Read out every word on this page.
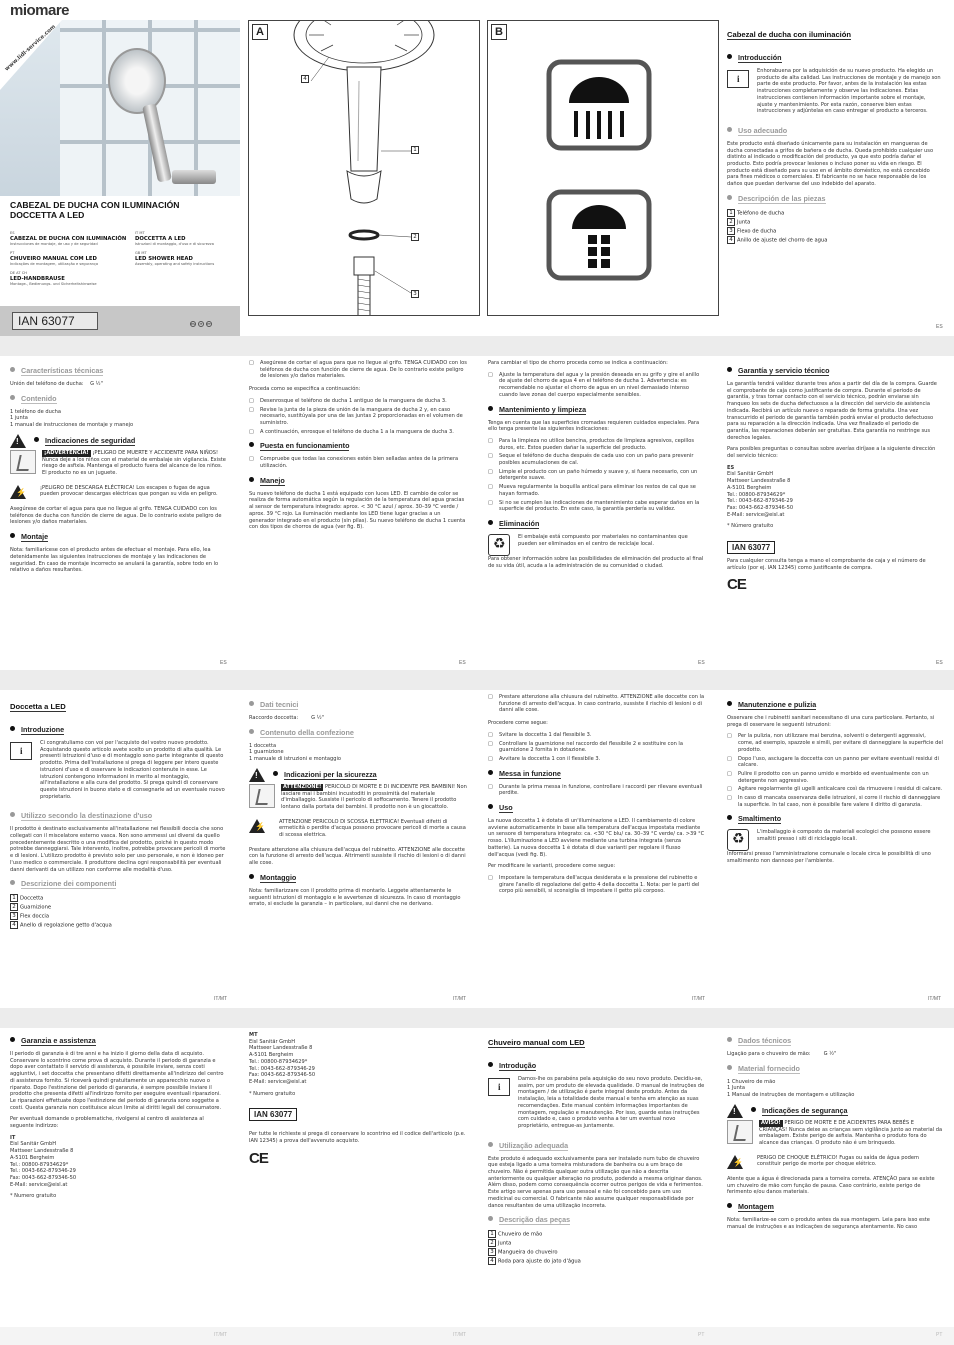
miomare
www.lidl-service.com
CABEZAL DE DUCHA CON ILUMINACIÓN
DOCCETTA A LED
ES
CABEZAL DE DUCHA CON ILUMINACIÓN
Instrucciones de montaje, de uso y de seguridad
IT MT
DOCCETTA A LED
Istruzioni di montaggio, d'uso e di sicurezza
PT
CHUVEIRO MANUAL COM LED
Indicações de montagem, utilização e segurança
GB MT
LED SHOWER HEAD
Assembly, operating and safety instructions
DE AT CH
LED-HANDBRAUSE
Montage-, Bedienungs- und Sicherheitshinweise
IAN 63077	ES IT PT
A
4
1
2
3
B	Cabezal de ducha con iluminación
Introducción
i
Enhorabuena por la adquisición de su nuevo producto. Ha elegido un producto de alta calidad. Las instrucciones de montaje y de manejo son parte de este producto. Por favor, antes de la instalación lea estas instrucciones completamente y observe las indicaciones. Estas instrucciones contienen información importante sobre el montaje, ajuste y mantenimiento. Por esta razón, conserve bien estas instrucciones y adjúntelas en caso entregar el producto a terceros.
Uso adecuado
Este producto está diseñado únicamente para su instalación en mangueras de ducha conectadas a grifos de bañera o de ducha. Queda prohibido cualquier uso distinto al indicado o modificación del producto, ya que esto podría dañar el producto. Esto podría provocar lesiones o incluso poner su vida en riesgo. El producto está diseñado para su uso en el ámbito doméstico, no está concebido para fines médicos o comerciales. El fabricante no se hace responsable de los daños que puedan derivarse del uso indebido del aparato.
Descripción de las piezas
1 Teléfono de ducha
2 Junta
3 Flexo de ducha
4 Anillo de ajuste del chorro de agua
ES
Características técnicas
Unión del teléfono de ducha: G ½"
Contenido
1 teléfono de ducha
1 junta
1 manual de instrucciones de montaje y manejo
!	Indicaciones de seguridad
¡ADVERTENCIA! ¡PELIGRO DE MUERTE Y ACCIDENTE PARA NIÑOS! Nunca deje a los niños con el material de embalaje sin vigilancia. Existe riesgo de asfixia. Mantenga el producto fuera del alcance de los niños. El producto no es un juguete.
⚡	¡PELIGRO DE DESCARGA ELÉCTRICA! Los escapes o fugas de agua pueden provocar descargas eléctricas que pongan su vida en peligro.
Asegúrese de cortar el agua para que no llegue al grifo. TENGA CUIDADO con los teléfonos de ducha con función de cierre de agua. De lo contrario existe peligro de lesiones y/o daños materiales.
Montaje
Nota: familiarícese con el producto antes de efectuar el montaje. Para ello, lea detenidamente las siguientes instrucciones de montaje y las indicaciones de seguridad. En caso de montaje incorrecto se anulará la garantía, sobre todo en lo relativo a daños resultantes.
ES
□ Asegúrese de cortar el agua para que no llegue al grifo. TENGA CUIDADO con los teléfonos de ducha con función de cierre de agua. De lo contrario existe peligro de lesiones y/o daños materiales.
Proceda como se especifica a continuación:
□ Desenrosque el teléfono de ducha 1 antiguo de la manguera de ducha 3.
□ Revise la junta de la pieza de unión de la manguera de ducha 2 y, en caso necesario, sustitúyala por una de las juntas 2 proporcionadas en el volumen de suministro.
□ A continuación, enrosque el teléfono de ducha 1 a la manguera de ducha 3.
Puesta en funcionamiento
□ Compruebe que todas las conexiones estén bien selladas antes de la primera utilización.
Manejo
Su nuevo teléfono de ducha 1 está equipado con luces LED. El cambio de color se realiza de forma automática según la regulación de la temperatura del agua gracias al sensor de temperatura integrado: aprox. < 30 °C azul / aprox. 30–39 °C verde / aprox. 39 °C rojo. La iluminación mediante los LED tiene lugar gracias a un generador integrado en el producto (sin pilas). Su nuevo teléfono de ducha 1 cuenta con dos tipos de chorros de agua (ver fig. B).
ES
Para cambiar el tipo de chorro proceda como se indica a continuación:
□ Ajuste la temperatura del agua y la presión deseada en su grifo y gire el anillo de ajuste del chorro de agua 4 en el teléfono de ducha 1. Advertencia: es recomendable no ajustar el chorro de agua en un nivel demasiado intenso cuando lave zonas del cuerpo especialmente sensibles.
Mantenimiento y limpieza
Tenga en cuenta que las superficies cromadas requieren cuidados especiales. Para ello tenga presente las siguientes indicaciones:
□ Para la limpieza no utilice bencina, productos de limpieza agresivos, cepillos duros, etc. Estos pueden dañar la superficie del producto.
□ Seque el teléfono de ducha después de cada uso con un paño para prevenir posibles acumulaciones de cal.
□ Limpie el producto con un paño húmedo y suave y, si fuera necesario, con un detergente suave.
□ Mueva regularmente la boquilla antical para eliminar los restos de cal que se hayan formado.
□ Si no se cumplen las indicaciones de mantenimiento cabe esperar daños en la superficie del producto. En este caso, la garantía perdería su validez.
Eliminación
♻
El embalaje está compuesto por materiales no contaminantes que pueden ser eliminados en el centro de reciclaje local.
Para obtener información sobre las posibilidades de eliminación del producto al final de su vida útil, acuda a la administración de su comunidad o ciudad.
ES
Garantía y servicio técnico
La garantía tendrá validez durante tres años a partir del día de la compra. Guarde el comprobante de caja como justificante de compra. Durante el periodo de garantía, y tras tomar contacto con el servicio técnico, podrán enviarse sin franqueo los sets de ducha defectuosos a la dirección del servicio de asistencia indicada. Recibirá un artículo nuevo o reparado de forma gratuita. Una vez transcurrido el periodo de garantía también podrá enviar el producto defectuoso para su reparación a la dirección indicada. Una vez finalizado el periodo de garantía, las reparaciones deberán ser gratuitas. Esta garantía no restringe sus derechos legales.
Para posibles preguntas o consultas sobre averías diríjase a la siguiente dirección del servicio técnico:
ES
Eisl Sanitär GmbH
Mattseer Landesstraße 8
A-5101 Bergheim
Tel.: 00800-87934629*
Tel.: 0043-662-879346-29
Fax: 0043-662-879346-50
E-Mail: service@eisl.at
* Número gratuito
IAN 63077
Para cualquier consulta tenga a mano el comprobante de caja y el número de artículo (por ej. IAN 12345) como justificante de compra.
CE
ES
Doccetta a LED
Introduzione
i
Ci congratuliamo con voi per l'acquisto del vostro nuovo prodotto. Acquistando questo articolo avete scelto un prodotto di alta qualità. Le presenti istruzioni d'uso e di montaggio sono parte integrante di questo prodotto. Prima dell'installazione si prega di leggere per intero queste istruzioni d'uso e di osservare le indicazioni contenute in esse. Le istruzioni contengono informazioni in merito al montaggio, all'installazione e alla cura del prodotto. Si prega quindi di conservare queste istruzioni in buono stato e di consegnarle ad un eventuale nuovo proprietario.
Utilizzo secondo la destinazione d'uso
Il prodotto è destinato esclusivamente all'installazione nei flessibili doccia che sono collegati con il miscelatore esterno vasca. Non sono ammessi usi diversi da quello precedentemente descritto o una modifica del prodotto, poiché in questo modo potrebbe danneggiarsi. Tale intervento, inoltre, potrebbe provocare pericoli di morte e di lesioni. L'utilizzo prodotto è previsto solo per uso personale, e non è idoneo per l'uso medico o commerciale. Il produttore declina ogni responsabilità per eventuali danni derivanti da un utilizzo non conforme alle modalità d'uso.
Descrizione dei componenti
1 Doccetta
2 Guarnizione
3 Flex doccia
4 Anello di regolazione getto d'acqua
IT/MT
Dati tecnici
Raccordo doccetta:	G ½"
Contenuto della confezione
1 doccetta
1 guarnizione
1 manuale di istruzioni e montaggio
!	Indicazioni per la sicurezza
ATTENZIONE! PERICOLO DI MORTE E DI INCIDENTE PER BAMBINI! Non lasciare mai i bambini incustoditi in prossimità del materiale d'imballaggio. Sussiste il pericolo di soffocamento. Tenere il prodotto lontano dalla portata dei bambini. Il prodotto non è un giocattolo.
⚡	ATTENZIONE PERICOLO DI SCOSSA ELETTRICA! Eventuali difetti di ermeticità o perdite d'acqua possono provocare pericoli di morte a causa di scossa elettrica.
Prestare attenzione alla chiusura dell'acqua del rubinetto. ATTENZIONE alle doccette con la funzione di arresto dell'acqua. Altrimenti sussiste il rischio di lesioni o di danni alle cose.
Montaggio
Nota: familiarizzare con il prodotto prima di montarlo. Leggete attentamente le seguenti istruzioni di montaggio e le avvertenze di sicurezza. In caso di montaggio errato, si esclude la garanzia – in particolare, sui danni che ne derivano.
IT/MT
□ Prestare attenzione alla chiusura del rubinetto. ATTENZIONE alle doccette con la funzione di arresto dell'acqua. In caso contrario, sussiste il rischio di lesioni o di danni alle cose.
Procedere come segue:
□ Svitare la doccetta 1 dal flessibile 3.
□ Controllare la guarnizione nel raccordo del flessibile 2 e sostituire con la guarnizione 2 fornita in dotazione.
□ Avvitare la doccetta 1 con il flessibile 3.
Messa in funzione
□ Durante la prima messa in funzione, controllare i raccordi per rilevare eventuali perdite.
Uso
La nuova doccetta 1 è dotata di un'illuminazione a LED. Il cambiamento di colore avviene automaticamente in base alla temperatura dell'acqua impostata mediante un sensore di temperatura integrato: ca. <30 °C blu/ ca. 30–39 °C verde/ ca. >39 °C rosso. L'illuminazione a LED avviene mediante una turbina integrata (senza batterie). La nuova doccetta 1 è dotata di due varianti per regolare il flusso dell'acqua (vedi fig. B).
Per modificare le varianti, procedere come segue:
□ Impostare la temperatura dell'acqua desiderata e la pressione del rubinetto e girare l'anello di regolazione del getto 4 della doccetta 1. Nota: per le parti del corpo più sensibili, si sconsiglia di impostare il getto più corposo.
IT/MT
Manutenzione e pulizia
Osservare che i rubinetti sanitari necessitano di una cura particolare. Pertanto, si prega di osservare le seguenti istruzioni:
□ Per la pulizia, non utilizzare mai benzina, solventi o detergenti aggressivi, come, ad esempio, spazzole e simili, per evitare di danneggiare la superficie del prodotto.
□ Dopo l'uso, asciugare la doccetta con un panno per evitare eventuali residui di calcare.
□ Pulire il prodotto con un panno umido e morbido ed eventualmente con un detergente non aggressivo.
□ Agitare regolarmente gli ugelli anticalcare così da rimuovere i residui di calcare.
□ In caso di mancata osservanza delle istruzioni, si corre il rischio di danneggiare la superficie. In tal caso, non è possibile fare valere il diritto di garanzia.
Smaltimento
♻
L'imballaggio è composto da materiali ecologici che possono essere smaltiti presso i siti di riciclaggio locali.
Informarsi presso l'amministrazione comunale o locale circa le possibilità di uno smaltimento non dannoso per l'ambiente.
IT/MT
Garanzia e assistenza
Il periodo di garanzia è di tre anni e ha inizio il giorno della data di acquisto. Conservare lo scontrino come prova di acquisto. Durante il periodo di garanzia e dopo aver contattato il servizio di assistenza, è possibile inviare, senza costi aggiuntivi, i set doccetta che presentano difetti direttamente all'indirizzo del centro di assistenza fornito. Si riceverà quindi gratuitamente un apparecchio nuovo o riparato. Dopo l'estinzione del periodo di garanzia, è sempre possibile inviare il prodotto che presenta difetti all'indirizzo fornito per eseguire eventuali riparazioni. Le riparazioni effettuate dopo l'estinzione del periodo di garanzia sono soggette a costi. Questa garanzia non costituisce alcun limite ai diritti legali del consumatore.
Per eventuali domande o problematiche, rivolgersi al centro di assistenza al seguente indirizzo:
IT
Eisl Sanitär GmbH
Mattseer Landesstraße 8
A-5101 Bergheim
Tel.: 00800-87934629*
Tel.: 0043-662-879346-29
Fax: 0043-662-879346-50
E-Mail: service@eisl.at
* Numero gratuito
MT
Eisl Sanitär GmbH
Mattseer Landesstraße 8
A-5101 Bergheim
Tel.: 00800-87934629*
Tel.: 0043-662-879346-29
Fax: 0043-662-879346-50
E-Mail: service@eisl.at
* Numero gratuito
IAN 63077
Per tutte le richieste si prega di conservare lo scontrino ed il codice dell'articolo (p.e. IAN 12345) a prova dell'avvenuto acquisto.
CE
Chuveiro manual com LED
Introdução
i
Damos-lhe os parabéns pela aquisição do seu novo produto. Decidiu-se, assim, por um produto de elevada qualidade. O manual de instruções de montagem / de utilização é parte integral deste produto. Antes da instalação, leia a totalidade deste manual e tenha em atenção as suas recomendações. Este manual contém informações importantes de montagem, regulação e manutenção. Por isso, guarde estas instruções com cuidado e, caso o produto venha a ter um eventual novo proprietário, entregue-as juntamente.
Utilização adequada
Este produto é adequado exclusivamente para ser instalado num tubo de chuveiro que esteja ligado a uma torneira misturadora de banheira ou a um braço de chuveiro. Não é permitida qualquer outra utilização que não a descrita anteriormente ou qualquer alteração no produto, podendo a mesma originar danos. Além disso, podem como consequência ocorrer outros perigos de vida e ferimentos. Este artigo serve apenas para uso pessoal e não foi concebido para um uso medicinal ou comercial. O fabricante não assume qualquer responsabilidade por danos resultantes de uma utilização incorreta.
Descrição das peças
1 Chuveiro de mão
2 Junta
3 Mangueira do chuveiro
4 Roda para ajuste do jato d'água
Dados técnicos
Ligação para o chuveiro de mão:	G ½"
Material fornecido
1 Chuveiro de mão
1 Junta
1 Manual de instruções de montagem e utilização
!	Indicações de segurança
AVISO! PERIGO DE MORTE E DE ACIDENTES PARA BEBÉS E CRIANÇAS! Nunca deixe as crianças sem vigilância junto ao material da embalagem. Existe perigo de asfixia. Mantenha o produto fora do alcance das crianças. O produto não é um brinquedo.
⚡	PERIGO DE CHOQUE ELÉTRICO! Fugas ou saída de água podem constituir perigo de morte por choque elétrico.
Atente que a água é direcionada para a torneira correta. ATENÇÃO para se existe um chuveiro de mão com função de pausa. Caso contrário, existe perigo de ferimento e/ou danos materiais.
Montagem
Nota: familiarize-se com o produto antes da sua montagem. Leia para isso este manual de instruções e as indicações de segurança atentamente. No caso
